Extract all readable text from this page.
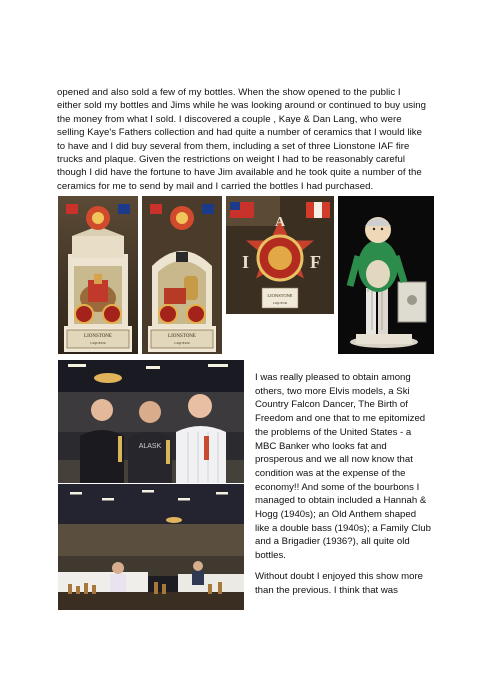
opened and also sold a few of my bottles. When the show opened to the public I either sold my bottles and Jims while he was looking around or continued to buy using the money from what I sold. I discovered a couple , Kaye & Dan Lang, who were selling Kaye's Fathers collection and had quite a number of ceramics that I would like to have and I did buy several from them, including a set of three Lionstone IAF fire trucks and plaque. Given the restrictions on weight I had to be reasonably careful though I did have the fortune to have Jim available and he took quite a number of the ceramics for me to send by mail and I carried the bottles I had purchased.

LIONSTONE
LIQUEUR
LIONSTONE
LIQUEUR
I
A
F
LIONSTONE
LIQUEUR
ALASK

I was really pleased to obtain among others, two more Elvis models, a Ski Country Falcon Dancer, The Birth of Freedom and one that to me epitomized the problems of the United States - a MBC Banker who looks fat and prosperous and we all now know that condition was at the expense of the economy!! And some of the bourbons I managed to obtain included a Hannah & Hogg (1940s); an Old Anthem shaped like a double bass (1940s); a Family Club and a Brigadier (1936?), all quite old bottles.

Without doubt I enjoyed this show more than the previous. I think that was
